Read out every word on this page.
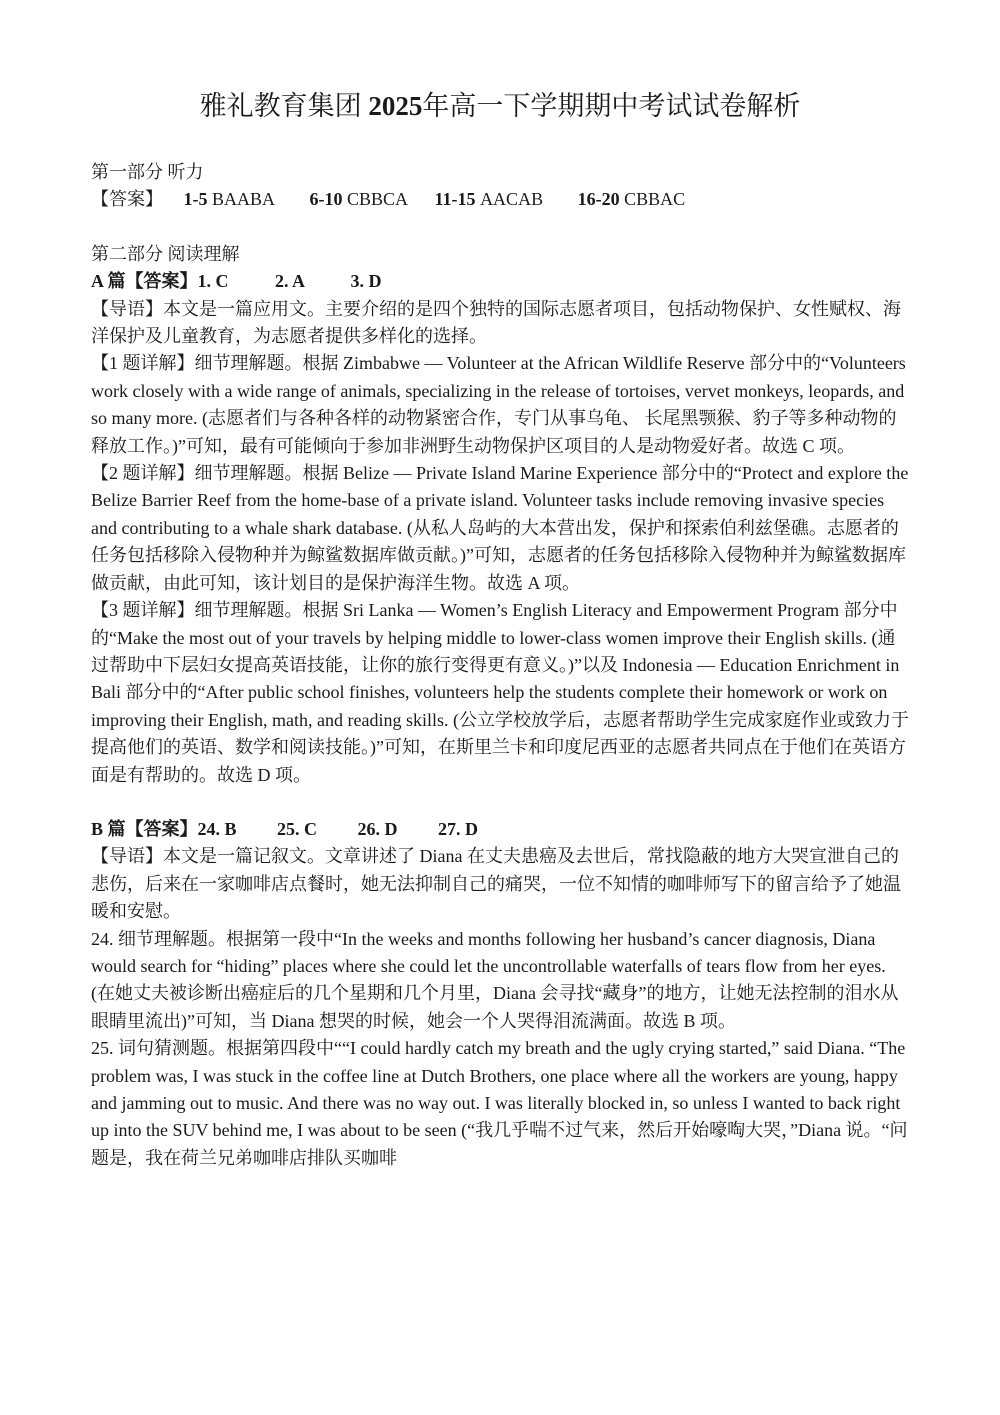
雅礼教育集团 2025年高一下学期期中考试试卷解析

第一部分 听力

【答案】 1-5 BAABA 6-10 CBBCA 11-15 AACAB 16-20 CBBAC

第二部分 阅读理解

A 篇【答案】1. C	2. A	3. D

【导语】本文是一篇应用文。主要介绍的是四个独特的国际志愿者项目，包括动物保护、女性赋权、海洋保护及儿童教育，为志愿者提供多样化的选择。

【1 题详解】细节理解题。根据 Zimbabwe — Volunteer at the African Wildlife Reserve 部分中的“Volunteers work closely with a wide range of animals, specializing in the release of tortoises, vervet monkeys, leopards, and so many more. (志愿者们与各种各样的动物紧密合作，专门从事乌龟、 长尾黑颚猴、豹子等多种动物的释放工作。)”可知，最有可能倾向于参加非洲野生动物保护区项目的人是动物爱好者。故选 C 项。

【2 题详解】细节理解题。根据 Belize — Private Island Marine Experience 部分中的“Protect and explore the Belize Barrier Reef from the home-base of a private island. Volunteer tasks include removing invasive species and contributing to a whale shark database. (从私人岛屿的大本营出发，保护和探索伯利兹堡礁。志愿者的任务包括移除入侵物种并为鲸鲨数据库做贡献。)”可知，志愿者的任务包括移除入侵物种并为鲸鲨数据库做贡献，由此可知，该计划目的是保护海洋生物。故选 A 项。

【3 题详解】细节理解题。根据 Sri Lanka — Women’s English Literacy and Empowerment Program 部分中的“Make the most out of your travels by helping middle to lower-class women improve their English skills. (通过帮助中下层妇女提高英语技能，让你的旅行变得更有意义。)”以及 Indonesia — Education Enrichment in Bali 部分中的“After public school finishes, volunteers help the students complete their homework or work on improving their English, math, and reading skills. (公立学校放学后，志愿者帮助学生完成家庭作业或致力于提高他们的英语、数学和阅读技能。)”可知，在斯里兰卡和印度尼西亚的志愿者共同点在于他们在英语方面是有帮助的。故选 D 项。

B 篇【答案】24. B 25. C 26. D 27. D

【导语】本文是一篇记叙文。文章讲述了 Diana 在丈夫患癌及去世后，常找隐蔽的地方大哭宣泄自己的悲伤，后来在一家咖啡店点餐时，她无法抑制自己的痛哭，一位不知情的咖啡师写下的留言给予了她温暖和安慰。

24. 细节理解题。根据第一段中“In the weeks and months following her husband’s cancer diagnosis, Diana would search for “hiding” places where she could let the uncontrollable waterfalls of tears flow from her eyes. (在她丈夫被诊断出癌症后的几个星期和几个月里，Diana 会寻找“藏身”的地方，让她无法控制的泪水从眼睛里流出)”可知，当 Diana 想哭的时候，她会一个人哭得泪流满面。故选 B 项。

25. 词句猜测题。根据第四段中““I could hardly catch my breath and the ugly crying started,” said Diana. “The problem was, I was stuck in the coffee line at Dutch Brothers, one place where all the workers are young, happy and jamming out to music. And there was no way out. I was literally blocked in, so unless I wanted to back right up into the SUV behind me, I was about to be seen (“我几乎喘不过气来，然后开始嚎啕大哭，”Diana 说。“问题是，我在荷兰兄弟咖啡店排队买咖啡
